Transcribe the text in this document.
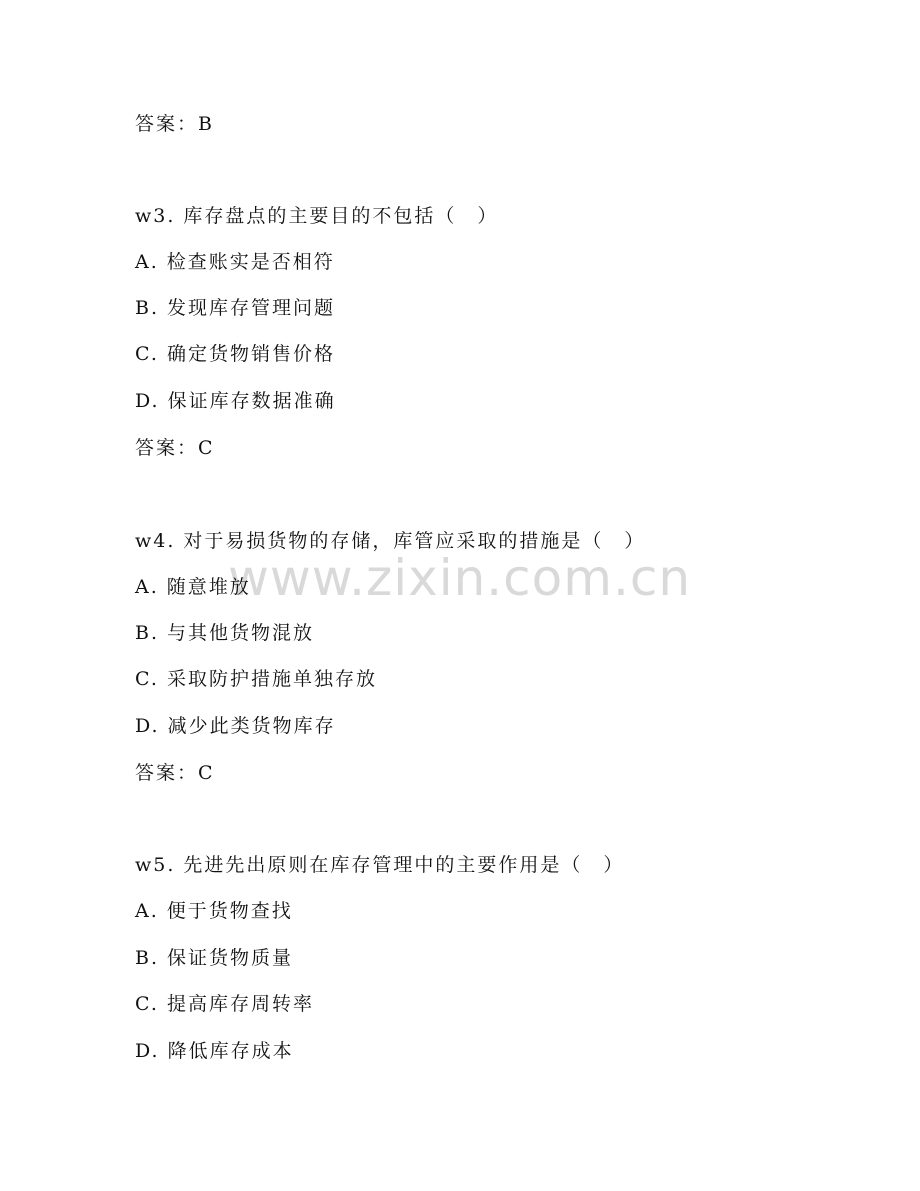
www.zixin.com.cn
答案：B
w3. 库存盘点的主要目的不包括（　）
A. 检查账实是否相符
B. 发现库存管理问题
C. 确定货物销售价格
D. 保证库存数据准确
答案：C
w4. 对于易损货物的存储，库管应采取的措施是（　）
A. 随意堆放
B. 与其他货物混放
C. 采取防护措施单独存放
D. 减少此类货物库存
答案：C
w5. 先进先出原则在库存管理中的主要作用是（　）
A. 便于货物查找
B. 保证货物质量
C. 提高库存周转率
D. 降低库存成本
